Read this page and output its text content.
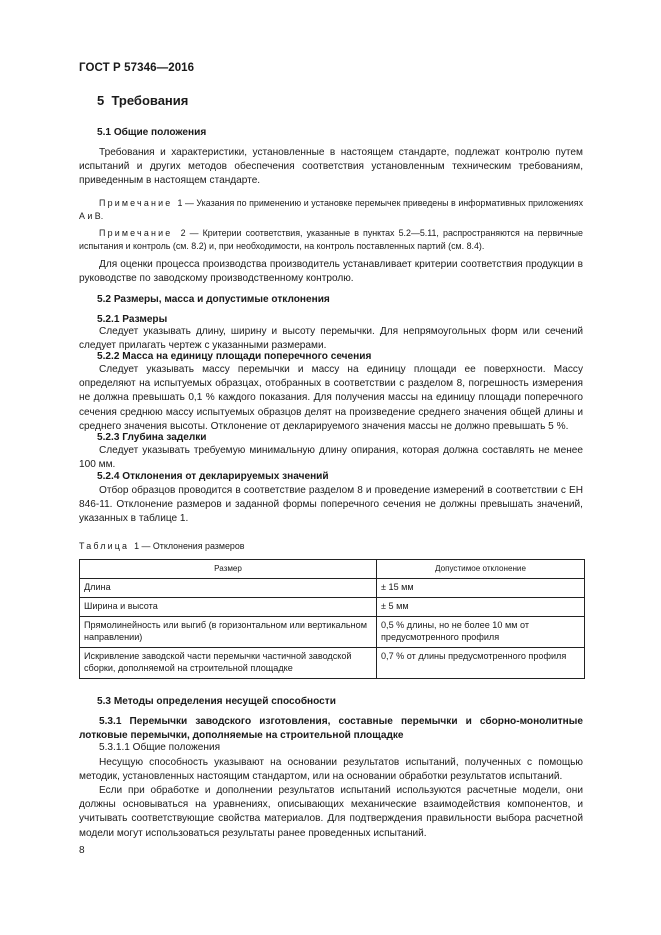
ГОСТ Р 57346—2016
5 Требования
5.1 Общие положения
Требования и характеристики, установленные в настоящем стандарте, подлежат контролю путем испытаний и других методов обеспечения соответствия установленным техническим требованиям, приведенным в настоящем стандарте.
Примечание 1 — Указания по применению и установке перемычек приведены в информативных приложениях А и В.
Примечание 2 — Критерии соответствия, указанные в пунктах 5.2—5.11, распространяются на первичные испытания и контроль (см. 8.2) и, при необходимости, на контроль поставленных партий (см. 8.4).
Для оценки процесса производства производитель устанавливает критерии соответствия продукции в руководстве по заводскому производственному контролю.
5.2 Размеры, масса и допустимые отклонения
5.2.1 Размеры
Следует указывать длину, ширину и высоту перемычки. Для непрямоугольных форм или сечений следует прилагать чертеж с указанными размерами.
5.2.2 Масса на единицу площади поперечного сечения
Следует указывать массу перемычки и массу на единицу площади ее поверхности. Массу определяют на испытуемых образцах, отобранных в соответствии с разделом 8, погрешность измерения не должна превышать 0,1 % каждого показания. Для получения массы на единицу площади поперечного сечения среднюю массу испытуемых образцов делят на произведение среднего значения общей длины и среднего значения высоты. Отклонение от декларируемого значения массы не должно превышать 5 %.
5.2.3 Глубина заделки
Следует указывать требуемую минимальную длину опирания, которая должна составлять не менее 100 мм.
5.2.4 Отклонения от декларируемых значений
Отбор образцов проводится в соответствие разделом 8 и проведение измерений в соответствии с ЕН 846-11. Отклонение размеров и заданной формы поперечного сечения не должны превышать значений, указанных в таблице 1.
Таблица 1 — Отклонения размеров
Размер	Допустимое отклонение
Длина	± 15 мм
Ширина и высота	± 5 мм
Прямолинейность или выгиб (в горизонтальном или вертикальном направлении)	0,5 % длины, но не более 10 мм от предусмотренного профиля
Искривление заводской части перемычки частичной заводской сборки, дополняемой на строительной площадке	0,7 % от длины предусмотренного профиля
5.3 Методы определения несущей способности
5.3.1 Перемычки заводского изготовления, составные перемычки и сборно-монолитные лотковые перемычки, дополняемые на строительной площадке
5.3.1.1 Общие положения
Несущую способность указывают на основании результатов испытаний, полученных с помощью методик, установленных настоящим стандартом, или на основании обработки результатов испытаний.
Если при обработке и дополнении результатов испытаний используются расчетные модели, они должны основываться на уравнениях, описывающих механические взаимодействия компонентов, и учитывать соответствующие свойства материалов. Для подтверждения правильности выбора расчетной модели могут использоваться результаты ранее проведенных испытаний.
8
